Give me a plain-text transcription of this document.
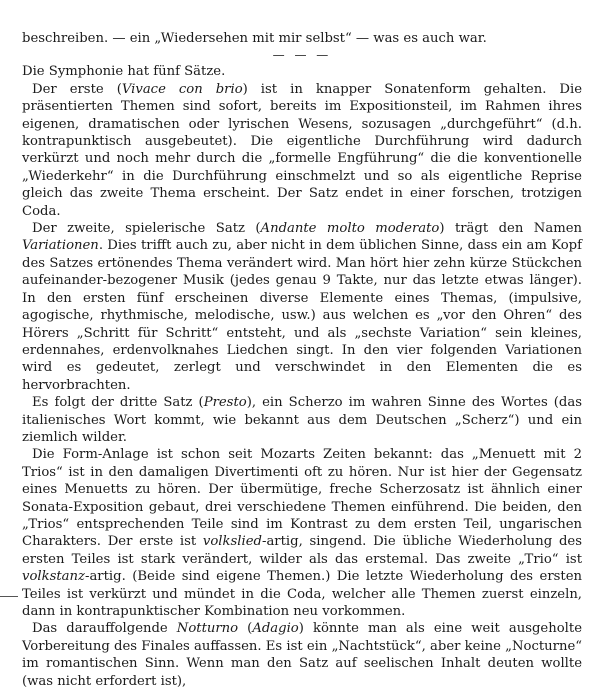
beschreiben. — ein „Wiedersehen mit mir selbst“ — was es auch war.

— — —

Die Symphonie hat fünf Sätze.

Der erste (Vivace con brio) ist in knapper Sonatenform gehalten. Die präsentierten Themen sind sofort, bereits im Expositionsteil, im Rahmen ihres eigenen, dramatischen oder lyrischen Wesens, sozusagen „durchgeführt“ (d.h. kontrapunktisch ausgebeutet). Die eigentliche Durchführung wird dadurch verkürzt und noch mehr durch die „formelle Engführung“ die die konventionelle „Wiederkehr“ in die Durchführung einschmelzt und so als eigentliche Reprise gleich das zweite Thema erscheint. Der Satz endet in einer forschen, trotzigen Coda.

Der zweite, spielerische Satz (Andante molto moderato) trägt den Namen Variationen. Dies trifft auch zu, aber nicht in dem üblichen Sinne, dass ein am Kopf des Satzes ertönendes Thema verändert wird. Man hört hier zehn kürze Stückchen aufeinander-bezogener Musik (jedes genau 9 Takte, nur das letzte etwas länger). In den ersten fünf erscheinen diverse Elemente eines Themas, (impulsive, agogische, rhythmische, melodische, usw.) aus welchen es „vor den Ohren“ des Hörers „Schritt für Schritt“ entsteht, und als „sechste Variation“ sein kleines, erdennahes, erdenvolknahes Liedchen singt. In den vier folgenden Variationen wird es gedeutet, zerlegt und verschwindet in den Elementen die es hervorbrachten.

Es folgt der dritte Satz (Presto), ein Scherzo im wahren Sinne des Wortes (das italienisches Wort kommt, wie bekannt aus dem Deutschen „Scherz“) und ein ziemlich wilder.

Die Form-Anlage ist schon seit Mozarts Zeiten bekannt: das „Menuett mit 2 Trios“ ist in den damaligen Divertimenti oft zu hören. Nur ist hier der Gegensatz eines Menuetts zu hören. Der übermütige, freche Scherzosatz ist ähnlich einer Sonata-Exposition gebaut, drei verschiedene Themen einführend. Die beiden, den „Trios“ entsprechenden Teile sind im Kontrast zu dem ersten Teil, ungarischen Charakters. Der erste ist volkslied-artig, singend. Die übliche Wiederholung des ersten Teiles ist stark verändert, wilder als das erstemal. Das zweite „Trio“ ist volkstanz-artig. (Beide sind eigene Themen.) Die letzte Wiederholung des ersten Teiles ist verkürzt und mündet in die Coda, welcher alle Themen zuerst einzeln, dann in kontrapunktischer Kombination neu vorkommen.

Das darauffolgende Notturno (Adagio) könnte man als eine weit ausgeholte Vorbereitung des Finales auffassen. Es ist ein „Nachtstück“, aber keine „Nocturne“ im romantischen Sinn. Wenn man den Satz auf seelischen Inhalt deuten wollte (was nicht erfordert ist),
